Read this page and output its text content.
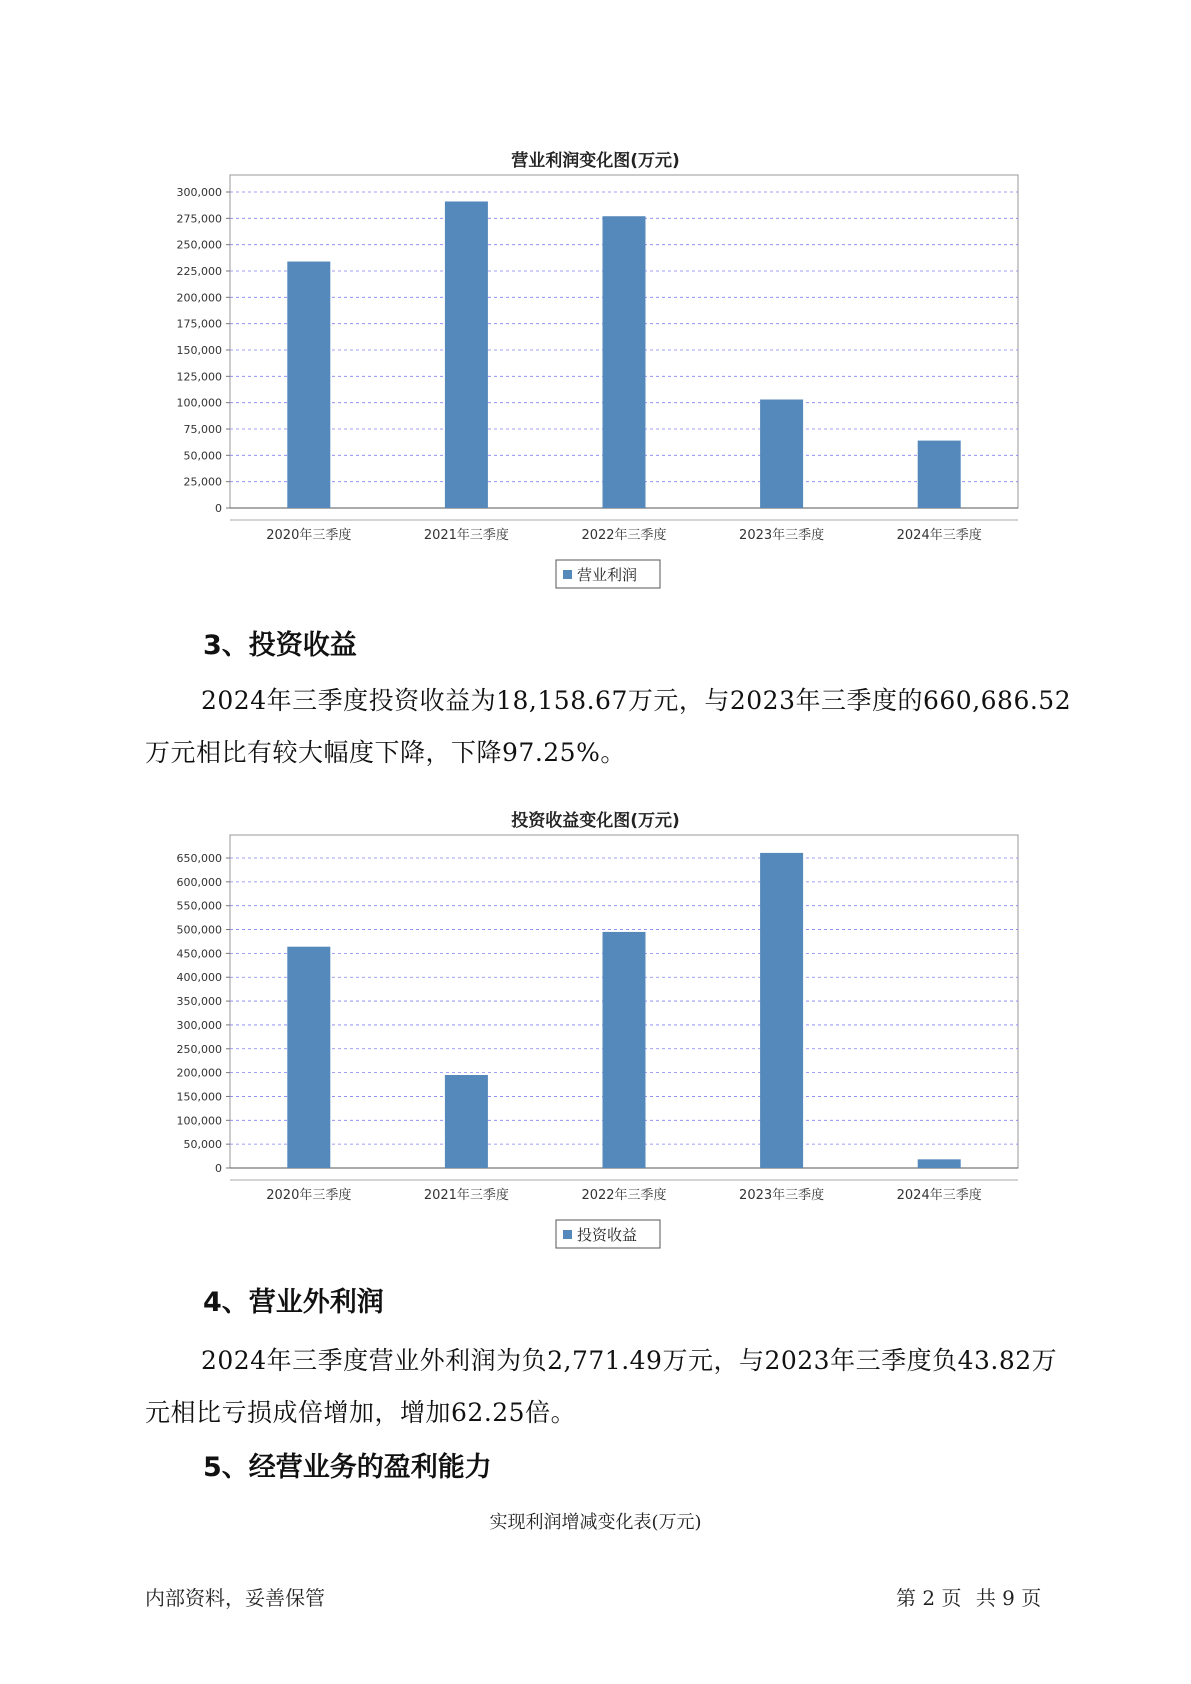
营业利润变化图(万元)
0
25,000
50,000
75,000
100,000
125,000
150,000
175,000
200,000
225,000
250,000
275,000
300,000
2020年三季度	2021年三季度	2022年三季度	2023年三季度	2024年三季度
营业利润
3、投资收益
2024年三季度投资收益为18,158.67万元，与2023年三季度的660,686.52万元相比有较大幅度下降，下降97.25%。
投资收益变化图(万元)
0
50,000
100,000
150,000
200,000
250,000
300,000
350,000
400,000
450,000
500,000
550,000
600,000
650,000
2020年三季度	2021年三季度	2022年三季度	2023年三季度	2024年三季度
投资收益
4、营业外利润
2024年三季度营业外利润为负2,771.49万元，与2023年三季度负43.82万元相比亏损成倍增加，增加62.25倍。
5、经营业务的盈利能力
实现利润增减变化表(万元)
内部资料，妥善保管	第 2 页 共 9 页
